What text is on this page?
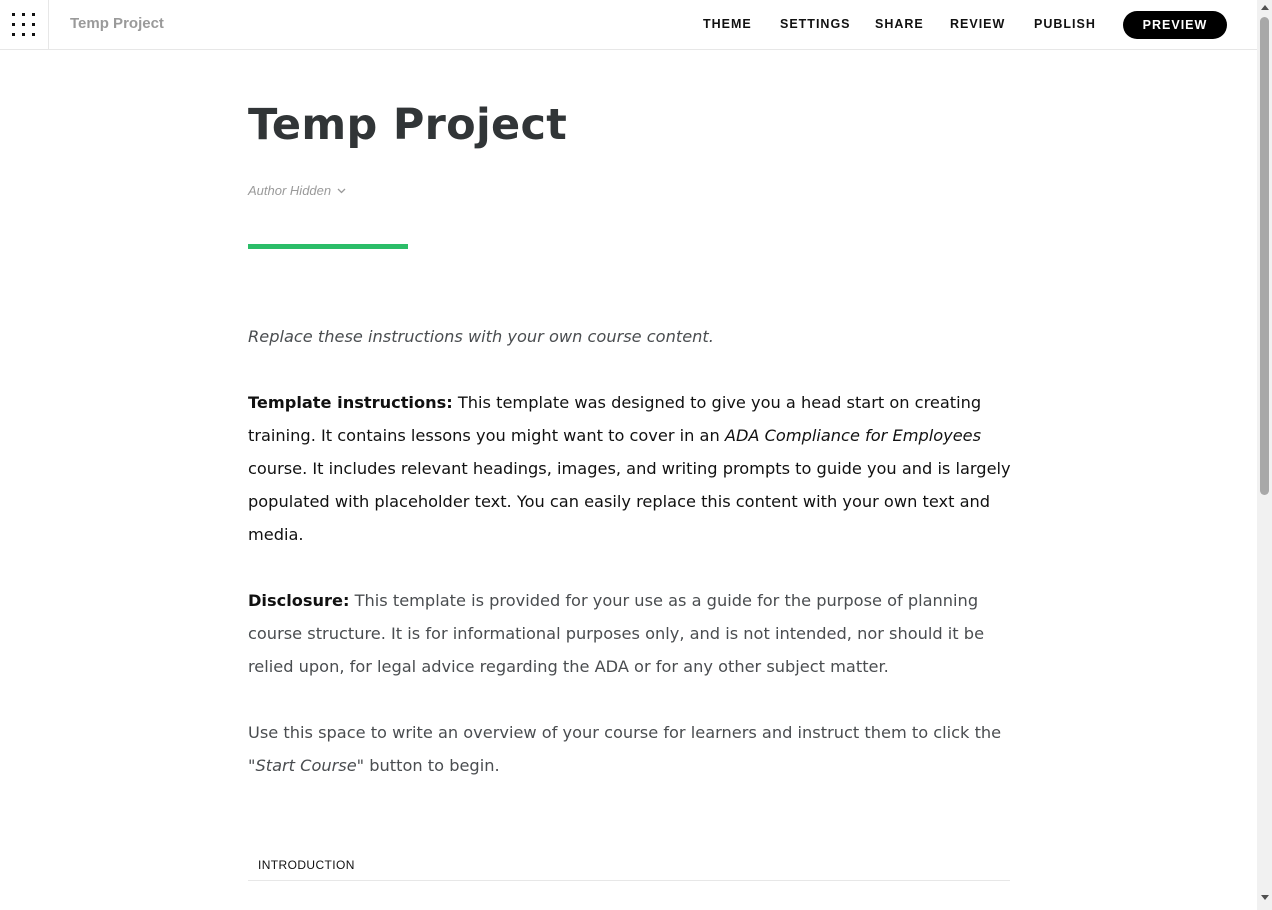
Temp Project	THEME SETTINGS SHARE REVIEW PUBLISH	PREVIEW
Temp Project
Author Hidden

Replace these instructions with your own course content.

Template instructions: This template was designed to give you a head start on creating training. It contains lessons you might want to cover in an ADA Compliance for Employees course. It includes relevant headings, images, and writing prompts to guide you and is largely populated with placeholder text. You can easily replace this content with your own text and media.

Disclosure: This template is provided for your use as a guide for the purpose of planning course structure. It is for informational purposes only, and is not intended, nor should it be relied upon, for legal advice regarding the ADA or for any other subject matter.

Use this space to write an overview of your course for learners and instruct them to click the "Start Course" button to begin.

INTRODUCTION
